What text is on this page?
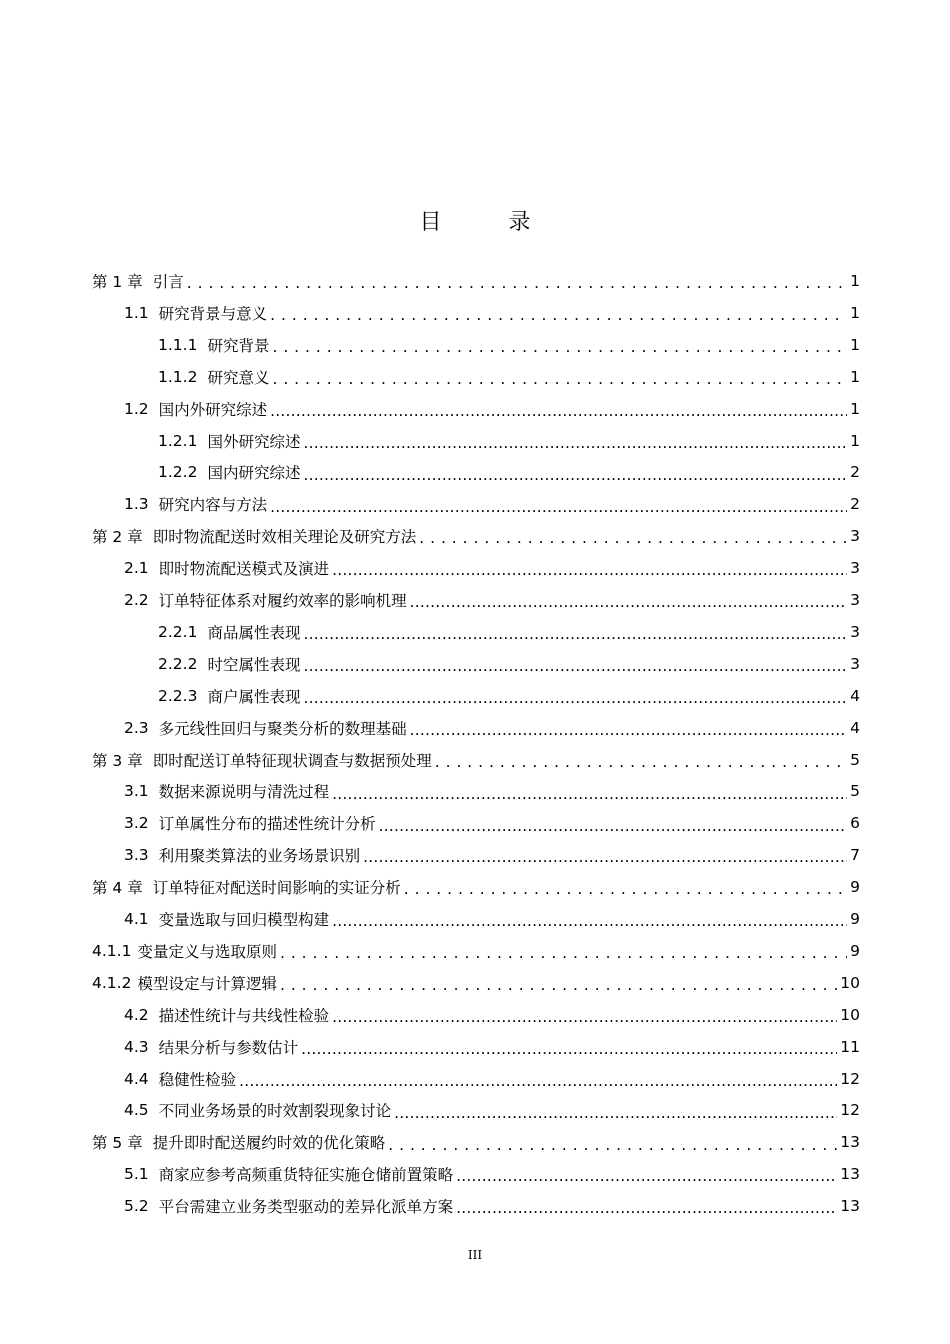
目 录
第 1 章 引言 . . .	1
1.1 研究背景与意义 . . .	1
1.1.1 研究背景 . . .	1
1.1.2 研究意义 . . .	1
1.2 国内外研究综述 .....	1
1.2.1 国外研究综述 .....	1
1.2.2 国内研究综述 .....	2
1.3 研究内容与方法 .....	2
第 2 章 即时物流配送时效相关理论及研究方法 . . .	3
2.1 即时物流配送模式及演进 .....	3
2.2 订单特征体系对履约效率的影响机理 .....	3
2.2.1 商品属性表现 .....	3
2.2.2 时空属性表现 .....	3
2.2.3 商户属性表现 .....	4
2.3 多元线性回归与聚类分析的数理基础 .....	4
第 3 章 即时配送订单特征现状调查与数据预处理 . . .	5
3.1 数据来源说明与清洗过程 .....	5
3.2 订单属性分布的描述性统计分析 .....	6
3.3 利用聚类算法的业务场景识别 .....	7
第 4 章 订单特征对配送时间影响的实证分析 . . .	9
4.1 变量选取与回归模型构建 .....	9
4.1.1 变量定义与选取原则 . . .	9
4.1.2 模型设定与计算逻辑 . . .	10
4.2 描述性统计与共线性检验 .....	10
4.3 结果分析与参数估计 .....	11
4.4 稳健性检验 .....	12
4.5 不同业务场景的时效割裂现象讨论 .....	12
第 5 章 提升即时配送履约时效的优化策略 . . .	13
5.1 商家应参考高频重货特征实施仓储前置策略 .....	13
5.2 平台需建立业务类型驱动的差异化派单方案 .....	13
III
